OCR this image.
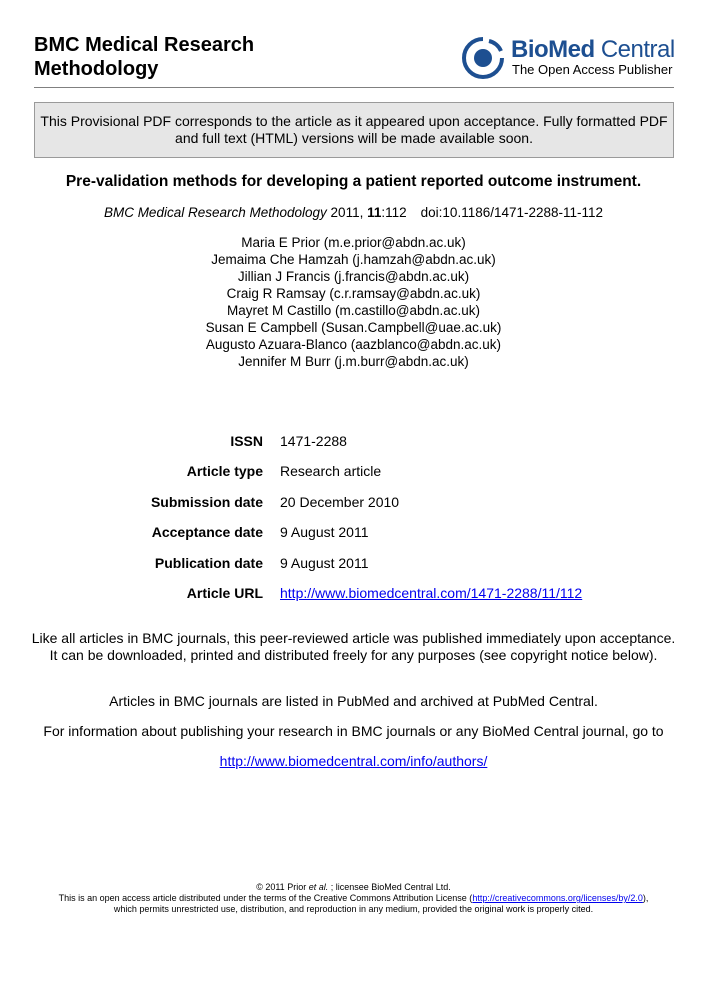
BMC Medical Research
Methodology
BioMed Central
The Open Access Publisher
This Provisional PDF corresponds to the article as it appeared upon acceptance. Fully formatted PDF and full text (HTML) versions will be made available soon.
Pre-validation methods for developing a patient reported outcome instrument.
BMC Medical Research Methodology 2011, 11:112 doi:10.1186/1471-2288-11-112
Maria E Prior (m.e.prior@abdn.ac.uk)
Jemaima Che Hamzah (j.hamzah@abdn.ac.uk)
Jillian J Francis (j.francis@abdn.ac.uk)
Craig R Ramsay (c.r.ramsay@abdn.ac.uk)
Mayret M Castillo (m.castillo@abdn.ac.uk)
Susan E Campbell (Susan.Campbell@uae.ac.uk)
Augusto Azuara-Blanco (aazblanco@abdn.ac.uk)
Jennifer M Burr (j.m.burr@abdn.ac.uk)
ISSN 1471-2288
Article type Research article
Submission date 20 December 2010
Acceptance date 9 August 2011
Publication date 9 August 2011
Article URL http://www.biomedcentral.com/1471-2288/11/112
Like all articles in BMC journals, this peer-reviewed article was published immediately upon acceptance. It can be downloaded, printed and distributed freely for any purposes (see copyright notice below).
Articles in BMC journals are listed in PubMed and archived at PubMed Central.
For information about publishing your research in BMC journals or any BioMed Central journal, go to
http://www.biomedcentral.com/info/authors/
© 2011 Prior et al. ; licensee BioMed Central Ltd.
This is an open access article distributed under the terms of the Creative Commons Attribution License (http://creativecommons.org/licenses/by/2.0),
which permits unrestricted use, distribution, and reproduction in any medium, provided the original work is properly cited.
